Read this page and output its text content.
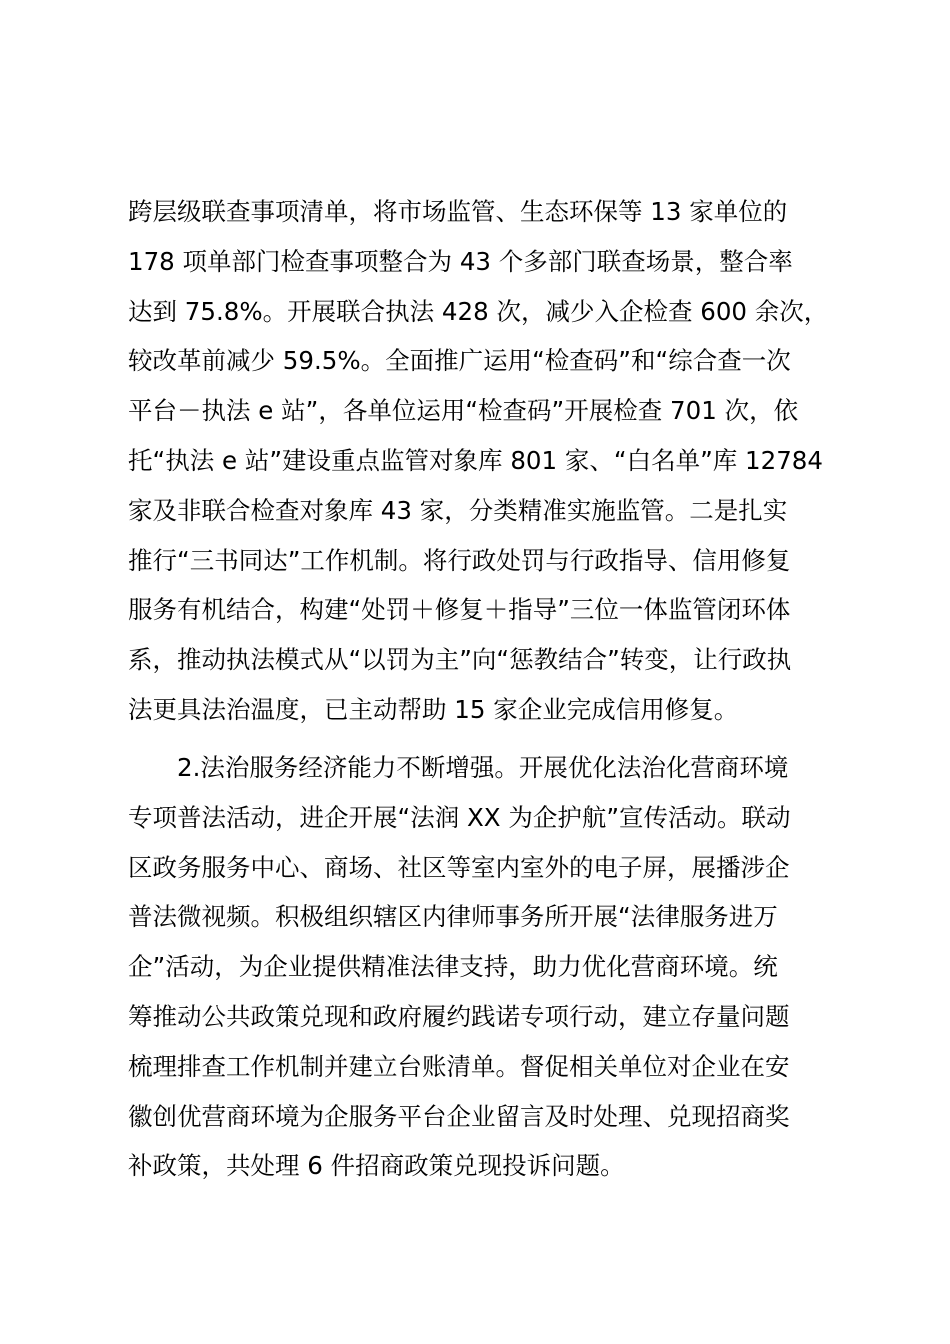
跨层级联查事项清单，将市场监管、生态环保等 13 家单位的
178 项单部门检查事项整合为 43 个多部门联查场景，整合率
达到 75.8%。开展联合执法 428 次，减少入企检查 600 余次，
较改革前减少 59.5%。全面推广运用“检查码”和“综合查一次
平台－执法 e 站”，各单位运用“检查码”开展检查 701 次，依
托“执法 e 站”建设重点监管对象库 801 家、“白名单”库 12784
家及非联合检查对象库 43 家，分类精准实施监管。二是扎实
推行“三书同达”工作机制。将行政处罚与行政指导、信用修复
服务有机结合，构建“处罚＋修复＋指导”三位一体监管闭环体
系，推动执法模式从“以罚为主”向“惩教结合”转变，让行政执
法更具法治温度，已主动帮助 15 家企业完成信用修复。
2.法治服务经济能力不断增强。开展优化法治化营商环境
专项普法活动，进企开展“法润 XX 为企护航”宣传活动。联动
区政务服务中心、商场、社区等室内室外的电子屏，展播涉企
普法微视频。积极组织辖区内律师事务所开展“法律服务进万
企”活动，为企业提供精准法律支持，助力优化营商环境。统
筹推动公共政策兑现和政府履约践诺专项行动，建立存量问题
梳理排查工作机制并建立台账清单。督促相关单位对企业在安
徽创优营商环境为企服务平台企业留言及时处理、兑现招商奖
补政策，共处理 6 件招商政策兑现投诉问题。
